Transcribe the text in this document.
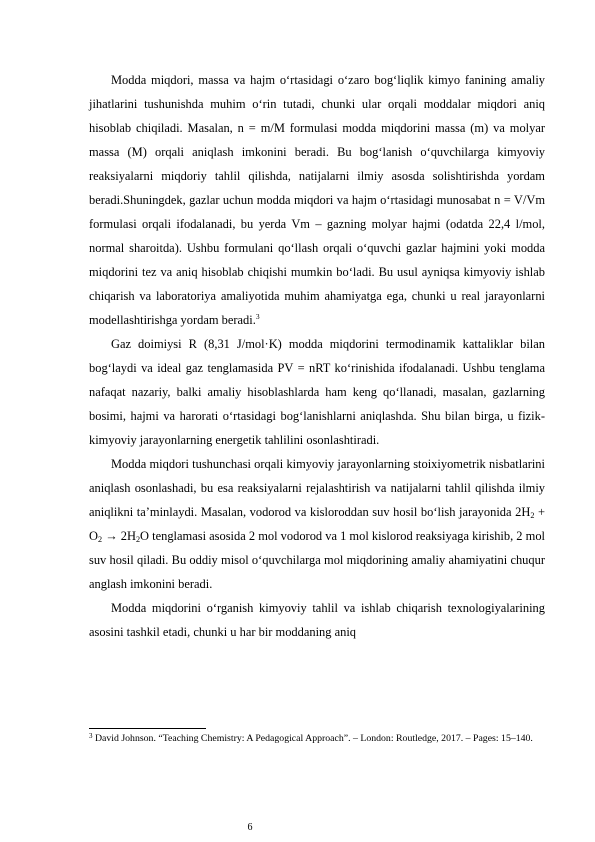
Modda miqdori, massa va hajm o‘rtasidagi o‘zaro bog‘liqlik kimyo fanining amaliy jihatlarini tushunishda muhim o‘rin tutadi, chunki ular orqali moddalar miqdori aniq hisoblab chiqiladi. Masalan, n = m/M formulasi modda miqdorini massa (m) va molyar massa (M) orqali aniqlash imkonini beradi. Bu bog‘lanish o‘quvchilarga kimyoviy reaksiyalarni miqdoriy tahlil qilishda, natijalarni ilmiy asosda solishtirishda yordam beradi.Shuningdek, gazlar uchun modda miqdori va hajm o‘rtasidagi munosabat n = V/Vm formulasi orqali ifodalanadi, bu yerda Vm – gazning molyar hajmi (odatda 22,4 l/mol, normal sharoitda). Ushbu formulani qo‘llash orqali o‘quvchi gazlar hajmini yoki modda miqdorini tez va aniq hisoblab chiqishi mumkin bo‘ladi. Bu usul ayniqsa kimyoviy ishlab chiqarish va laboratoriya amaliyotida muhim ahamiyatga ega, chunki u real jarayonlarni modellashtirishga yordam beradi.$^3$

Gaz doimiysi R (8,31 J/mol·K) modda miqdorini termodinamik kattaliklar bilan bog‘laydi va ideal gaz tenglamasida PV = nRT ko‘rinishida ifodalanadi. Ushbu tenglama nafaqat nazariy, balki amaliy hisoblashlarda ham keng qo‘llanadi, masalan, gazlarning bosimi, hajmi va harorati o‘rtasidagi bog‘lanishlarni aniqlashda. Shu bilan birga, u fizik-kimyoviy jarayonlarning energetik tahlilini osonlashtiradi.

Modda miqdori tushunchasi orqali kimyoviy jarayonlarning stoixiyometrik nisbatlarini aniqlash osonlashadi, bu esa reaksiyalarni rejalashtirish va natijalarni tahlil qilishda ilmiy aniqlikni ta’minlaydi. Masalan, vodorod va kisloroddan suv hosil bo‘lish jarayonida $2H_2 + O_2 \to 2H_2O$ tenglamasi asosida 2 mol vodorod va 1 mol kislorod reaksiyaga kirishib, 2 mol suv hosil qiladi. Bu oddiy misol o‘quvchilarga mol miqdorining amaliy ahamiyatini chuqur anglash imkonini beradi.

Modda miqdorini o‘rganish kimyoviy tahlil va ishlab chiqarish texnologiyalarining asosini tashkil etadi, chunki u har bir moddaning aniq

$^3$ David Johnson. “Teaching Chemistry: A Pedagogical Approach”. – London: Routledge, 2017. – Pages: 15–140.
6
